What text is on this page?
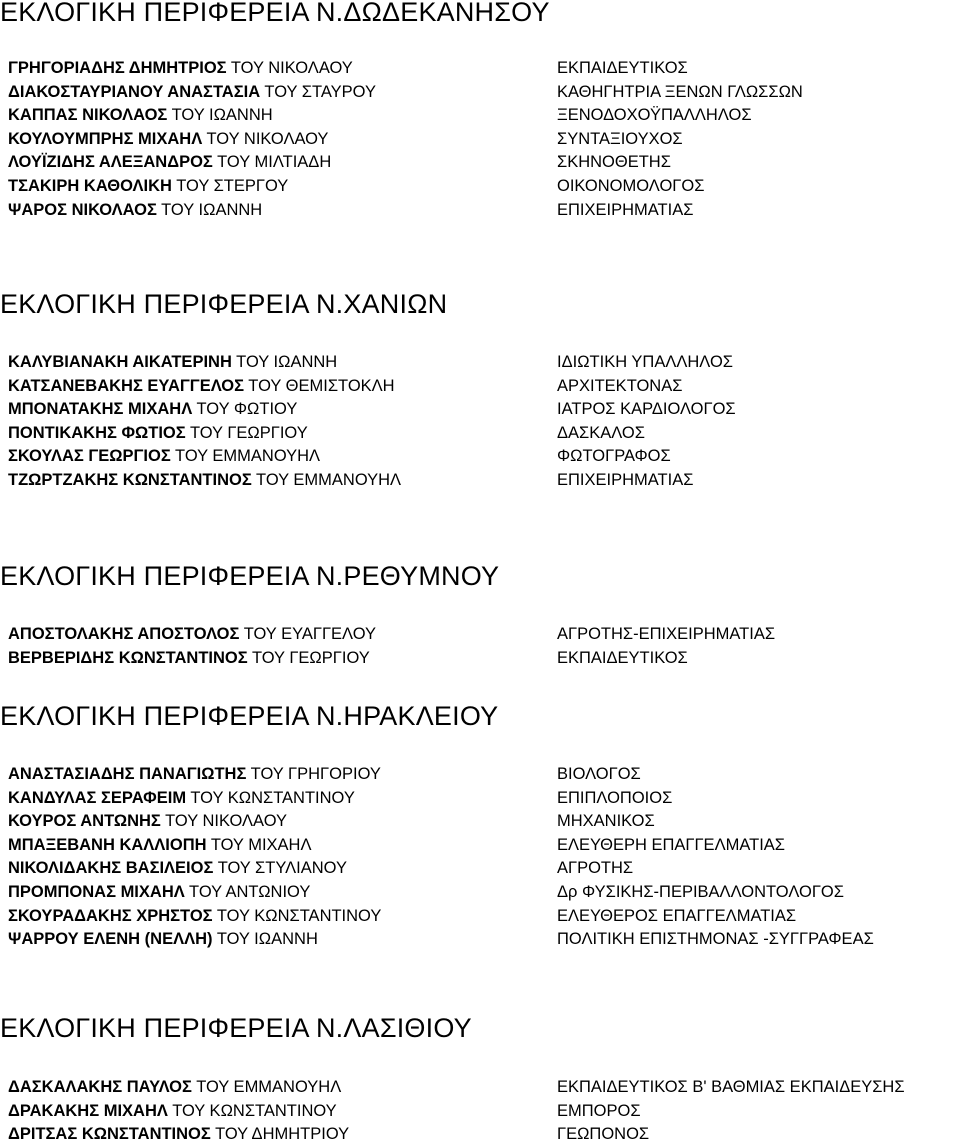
ΕΚΛΟΓΙΚΗ ΠΕΡΙΦΕΡΕΙΑ Ν.ΔΩΔΕΚΑΝΗΣΟΥ
ΓΡΗΓΟΡΙΑΔΗΣ ΔΗΜΗΤΡΙΟΣ ΤΟΥ ΝΙΚΟΛΑΟΥ	ΕΚΠΑΙΔΕΥΤΙΚΟΣ
ΔΙΑΚΟΣΤΑΥΡΙΑΝΟΥ ΑΝΑΣΤΑΣΙΑ ΤΟΥ ΣΤΑΥΡΟΥ	ΚΑΘΗΓΗΤΡΙΑ ΞΕΝΩΝ ΓΛΩΣΣΩΝ
ΚΑΠΠΑΣ ΝΙΚΟΛΑΟΣ ΤΟΥ ΙΩΑΝΝΗ	ΞΕΝΟΔΟΧΟΫΠΑΛΛΗΛΟΣ
ΚΟΥΛΟΥΜΠΡΗΣ ΜΙΧΑΗΛ ΤΟΥ ΝΙΚΟΛΑΟΥ	ΣΥΝΤΑΞΙΟΥΧΟΣ
ΛΟΥΪΖΙΔΗΣ ΑΛΕΞΑΝΔΡΟΣ ΤΟΥ ΜΙΛΤΙΑΔΗ	ΣΚΗΝΟΘΕΤΗΣ
ΤΣΑΚΙΡΗ ΚΑΘΟΛΙΚΗ ΤΟΥ ΣΤΕΡΓΟΥ	ΟΙΚΟΝΟΜΟΛΟΓΟΣ
ΨΑΡΟΣ ΝΙΚΟΛΑΟΣ ΤΟΥ ΙΩΑΝΝΗ	ΕΠΙΧΕΙΡΗΜΑΤΙΑΣ
ΕΚΛΟΓΙΚΗ ΠΕΡΙΦΕΡΕΙΑ Ν.ΧΑΝΙΩΝ
ΚΑΛΥΒΙΑΝΑΚΗ ΑΙΚΑΤΕΡΙΝΗ ΤΟΥ ΙΩΑΝΝΗ	ΙΔΙΩΤΙΚΗ ΥΠΑΛΛΗΛΟΣ
ΚΑΤΣΑΝΕΒΑΚΗΣ ΕΥΑΓΓΕΛΟΣ ΤΟΥ ΘΕΜΙΣΤΟΚΛΗ	ΑΡΧΙΤΕΚΤΟΝΑΣ
ΜΠΟΝΑΤΑΚΗΣ ΜΙΧΑΗΛ ΤΟΥ ΦΩΤΙΟΥ	ΙΑΤΡΟΣ ΚΑΡΔΙΟΛΟΓΟΣ
ΠΟΝΤΙΚΑΚΗΣ ΦΩΤΙΟΣ ΤΟΥ ΓΕΩΡΓΙΟΥ	ΔΑΣΚΑΛΟΣ
ΣΚΟΥΛΑΣ ΓΕΩΡΓΙΟΣ ΤΟΥ ΕΜΜΑΝΟΥΗΛ	ΦΩΤΟΓΡΑΦΟΣ
ΤΖΩΡΤΖΑΚΗΣ ΚΩΝΣΤΑΝΤΙΝΟΣ ΤΟΥ ΕΜΜΑΝΟΥΗΛ	ΕΠΙΧΕΙΡΗΜΑΤΙΑΣ
ΕΚΛΟΓΙΚΗ ΠΕΡΙΦΕΡΕΙΑ Ν.ΡΕΘΥΜΝΟΥ
ΑΠΟΣΤΟΛΑΚΗΣ ΑΠΟΣΤΟΛΟΣ ΤΟΥ ΕΥΑΓΓΕΛΟΥ	ΑΓΡΟΤΗΣ-ΕΠΙΧΕΙΡΗΜΑΤΙΑΣ
ΒΕΡΒΕΡΙΔΗΣ ΚΩΝΣΤΑΝΤΙΝΟΣ ΤΟΥ ΓΕΩΡΓΙΟΥ	ΕΚΠΑΙΔΕΥΤΙΚΟΣ
ΕΚΛΟΓΙΚΗ ΠΕΡΙΦΕΡΕΙΑ Ν.ΗΡΑΚΛΕΙΟΥ
ΑΝΑΣΤΑΣΙΑΔΗΣ ΠΑΝΑΓΙΩΤΗΣ ΤΟΥ ΓΡΗΓΟΡΙΟΥ	ΒΙΟΛΟΓΟΣ
ΚΑΝΔΥΛΑΣ ΣΕΡΑΦΕΙΜ ΤΟΥ ΚΩΝΣΤΑΝΤΙΝΟΥ	ΕΠΙΠΛΟΠΟΙΟΣ
ΚΟΥΡΟΣ ΑΝΤΩΝΗΣ ΤΟΥ ΝΙΚΟΛΑΟΥ	ΜΗΧΑΝΙΚΟΣ
ΜΠΑΞΕΒΑΝΗ ΚΑΛΛΙΟΠΗ ΤΟΥ ΜΙΧΑΗΛ	ΕΛΕΥΘΕΡΗ ΕΠΑΓΓΕΛΜΑΤΙΑΣ
ΝΙΚΟΛΙΔΑΚΗΣ ΒΑΣΙΛΕΙΟΣ ΤΟΥ ΣΤΥΛΙΑΝΟΥ	ΑΓΡΟΤΗΣ
ΠΡΟΜΠΟΝΑΣ ΜΙΧΑΗΛ ΤΟΥ ΑΝΤΩΝΙΟΥ	Δρ ΦΥΣΙΚΗΣ-ΠΕΡΙΒΑΛΛΟΝΤΟΛΟΓΟΣ
ΣΚΟΥΡΑΔΑΚΗΣ ΧΡΗΣΤΟΣ ΤΟΥ ΚΩΝΣΤΑΝΤΙΝΟΥ	ΕΛΕΥΘΕΡΟΣ ΕΠΑΓΓΕΛΜΑΤΙΑΣ
ΨΑΡΡΟΥ ΕΛΕΝΗ (ΝΕΛΛΗ) ΤΟΥ ΙΩΑΝΝΗ	ΠΟΛΙΤΙΚΗ ΕΠΙΣΤΗΜΟΝΑΣ -ΣΥΓΓΡΑΦΕΑΣ
ΕΚΛΟΓΙΚΗ ΠΕΡΙΦΕΡΕΙΑ Ν.ΛΑΣΙΘΙΟΥ
ΔΑΣΚΑΛΑΚΗΣ ΠΑΥΛΟΣ ΤΟΥ ΕΜΜΑΝΟΥΗΛ	ΕΚΠΑΙΔΕΥΤΙΚΟΣ Β' ΒΑΘΜΙΑΣ ΕΚΠΑΙΔΕΥΣΗΣ
ΔΡΑΚΑΚΗΣ ΜΙΧΑΗΛ ΤΟΥ ΚΩΝΣΤΑΝΤΙΝΟΥ	ΕΜΠΟΡΟΣ
ΔΡΙΤΣΑΣ ΚΩΝΣΤΑΝΤΙΝΟΣ ΤΟΥ ΔΗΜΗΤΡΙΟΥ	ΓΕΩΠΟΝΟΣ
